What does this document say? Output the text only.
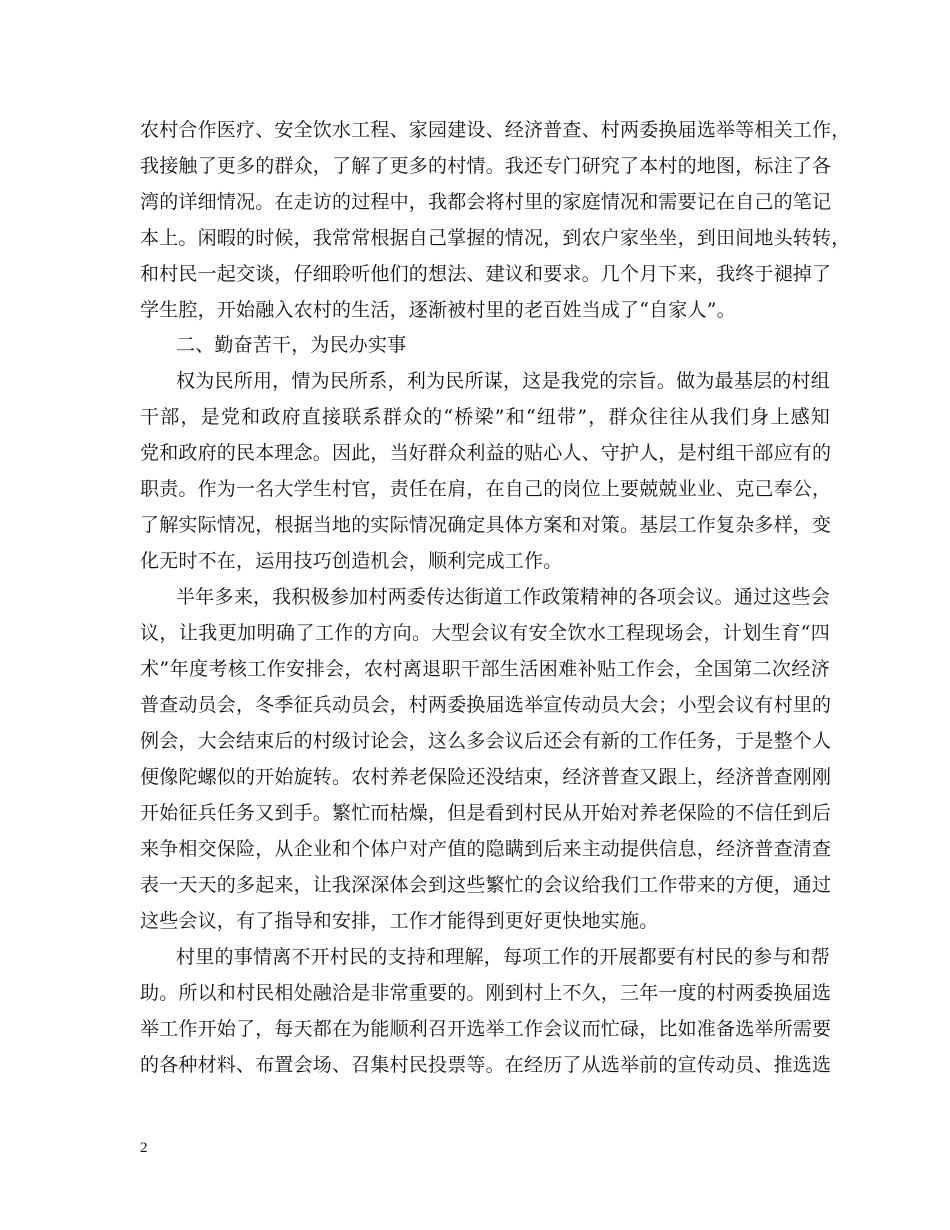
农村合作医疗、安全饮水工程、家园建设、经济普查、村两委换届选举等相关工作，
我接触了更多的群众，了解了更多的村情。我还专门研究了本村的地图，标注了各
湾的详细情况。在走访的过程中，我都会将村里的家庭情况和需要记在自己的笔记
本上。闲暇的时候，我常常根据自己掌握的情况，到农户家坐坐，到田间地头转转，
和村民一起交谈，仔细聆听他们的想法、建议和要求。几个月下来，我终于褪掉了
学生腔，开始融入农村的生活，逐渐被村里的老百姓当成了“自家人”。
二、勤奋苦干，为民办实事
权为民所用，情为民所系，利为民所谋，这是我党的宗旨。做为最基层的村组
干部，是党和政府直接联系群众的“桥梁”和“纽带”，群众往往从我们身上感知
党和政府的民本理念。因此，当好群众利益的贴心人、守护人，是村组干部应有的
职责。作为一名大学生村官，责任在肩，在自己的岗位上要兢兢业业、克己奉公，
了解实际情况，根据当地的实际情况确定具体方案和对策。基层工作复杂多样，变
化无时不在，运用技巧创造机会，顺利完成工作。
半年多来，我积极参加村两委传达街道工作政策精神的各项会议。通过这些会
议，让我更加明确了工作的方向。大型会议有安全饮水工程现场会，计划生育“四
术”年度考核工作安排会，农村离退职干部生活困难补贴工作会，全国第二次经济
普查动员会，冬季征兵动员会，村两委换届选举宣传动员大会；小型会议有村里的
例会，大会结束后的村级讨论会，这么多会议后还会有新的工作任务，于是整个人
便像陀螺似的开始旋转。农村养老保险还没结束，经济普查又跟上，经济普查刚刚
开始征兵任务又到手。繁忙而枯燥，但是看到村民从开始对养老保险的不信任到后
来争相交保险，从企业和个体户对产值的隐瞒到后来主动提供信息，经济普查清查
表一天天的多起来，让我深深体会到这些繁忙的会议给我们工作带来的方便，通过
这些会议，有了指导和安排，工作才能得到更好更快地实施。
村里的事情离不开村民的支持和理解，每项工作的开展都要有村民的参与和帮
助。所以和村民相处融洽是非常重要的。刚到村上不久，三年一度的村两委换届选
举工作开始了，每天都在为能顺利召开选举工作会议而忙碌，比如准备选举所需要
的各种材料、布置会场、召集村民投票等。在经历了从选举前的宣传动员、推选选
2
